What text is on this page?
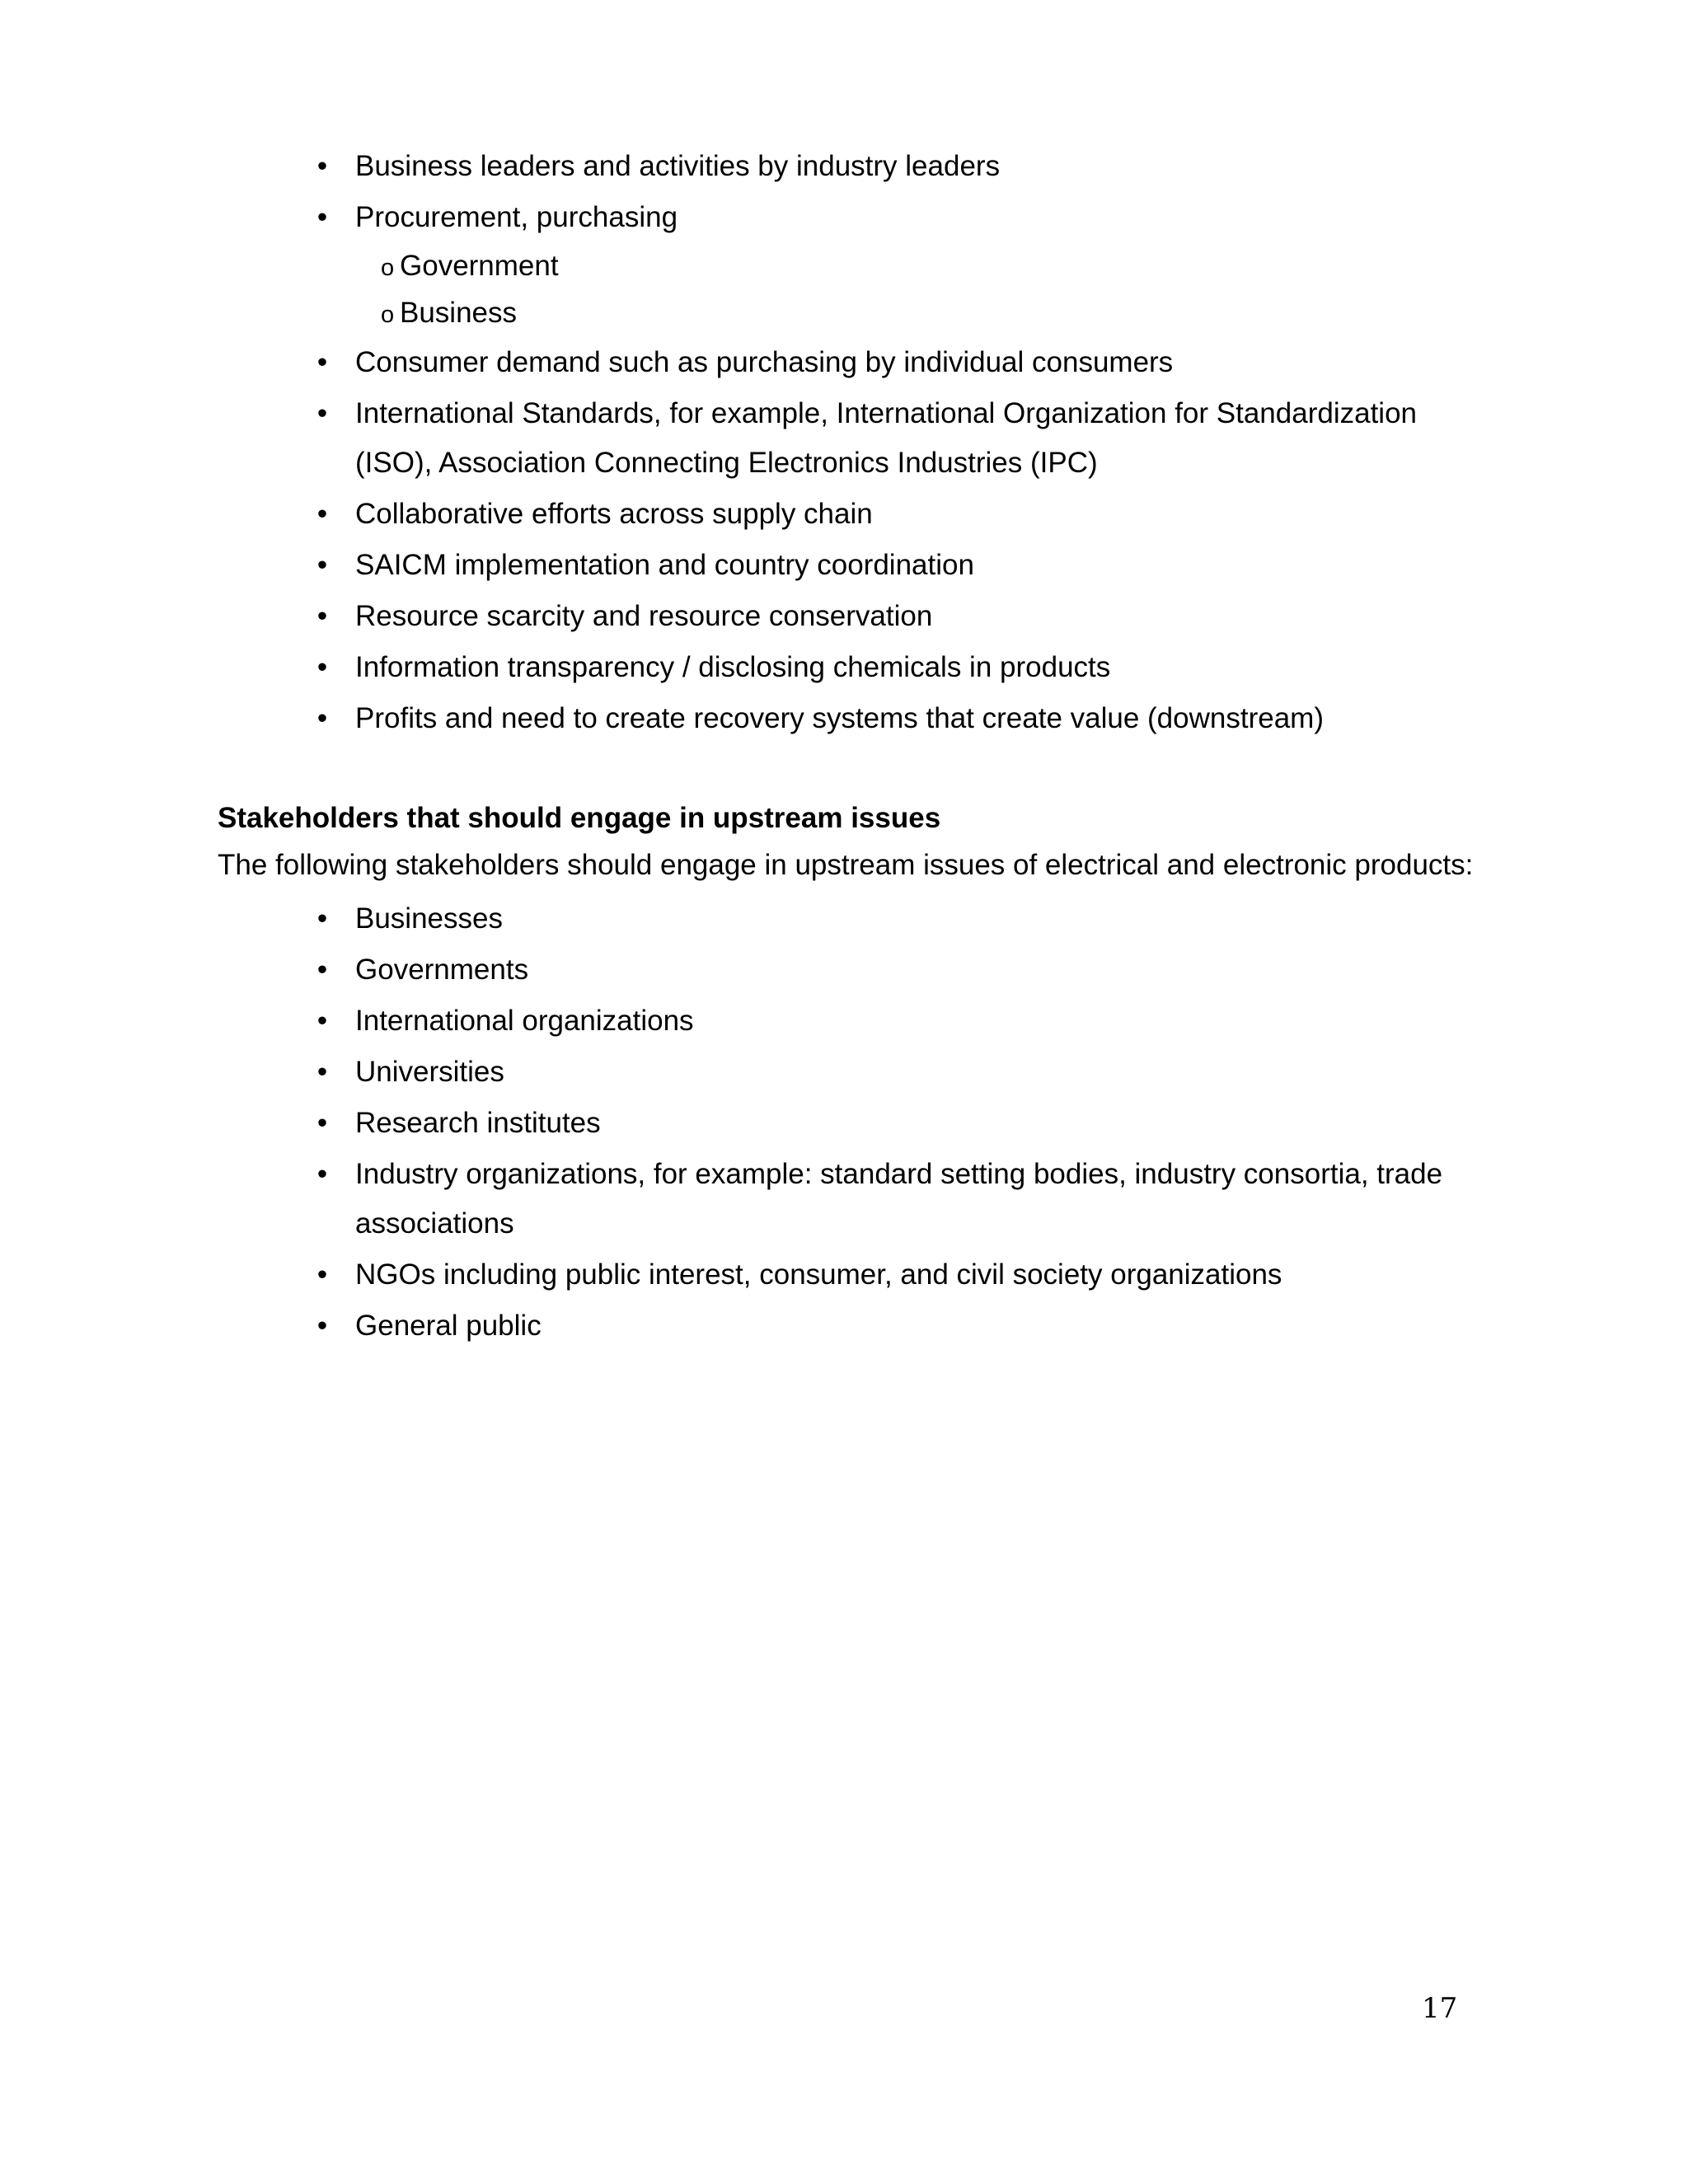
• Business leaders and activities by industry leaders
• Procurement, purchasing
o Government
o Business
• Consumer demand such as purchasing by individual consumers
• International Standards, for example, International Organization for Standardization (ISO), Association Connecting Electronics Industries (IPC)
• Collaborative efforts across supply chain
• SAICM implementation and country coordination
• Resource scarcity and resource conservation
• Information transparency / disclosing chemicals in products
• Profits and need to create recovery systems that create value (downstream)
Stakeholders that should engage in upstream issues

The following stakeholders should engage in upstream issues of electrical and electronic products:

• Businesses
• Governments
• International organizations
• Universities
• Research institutes
• Industry organizations, for example: standard setting bodies, industry consortia, trade associations
• NGOs including public interest, consumer, and civil society organizations
• General public
17
